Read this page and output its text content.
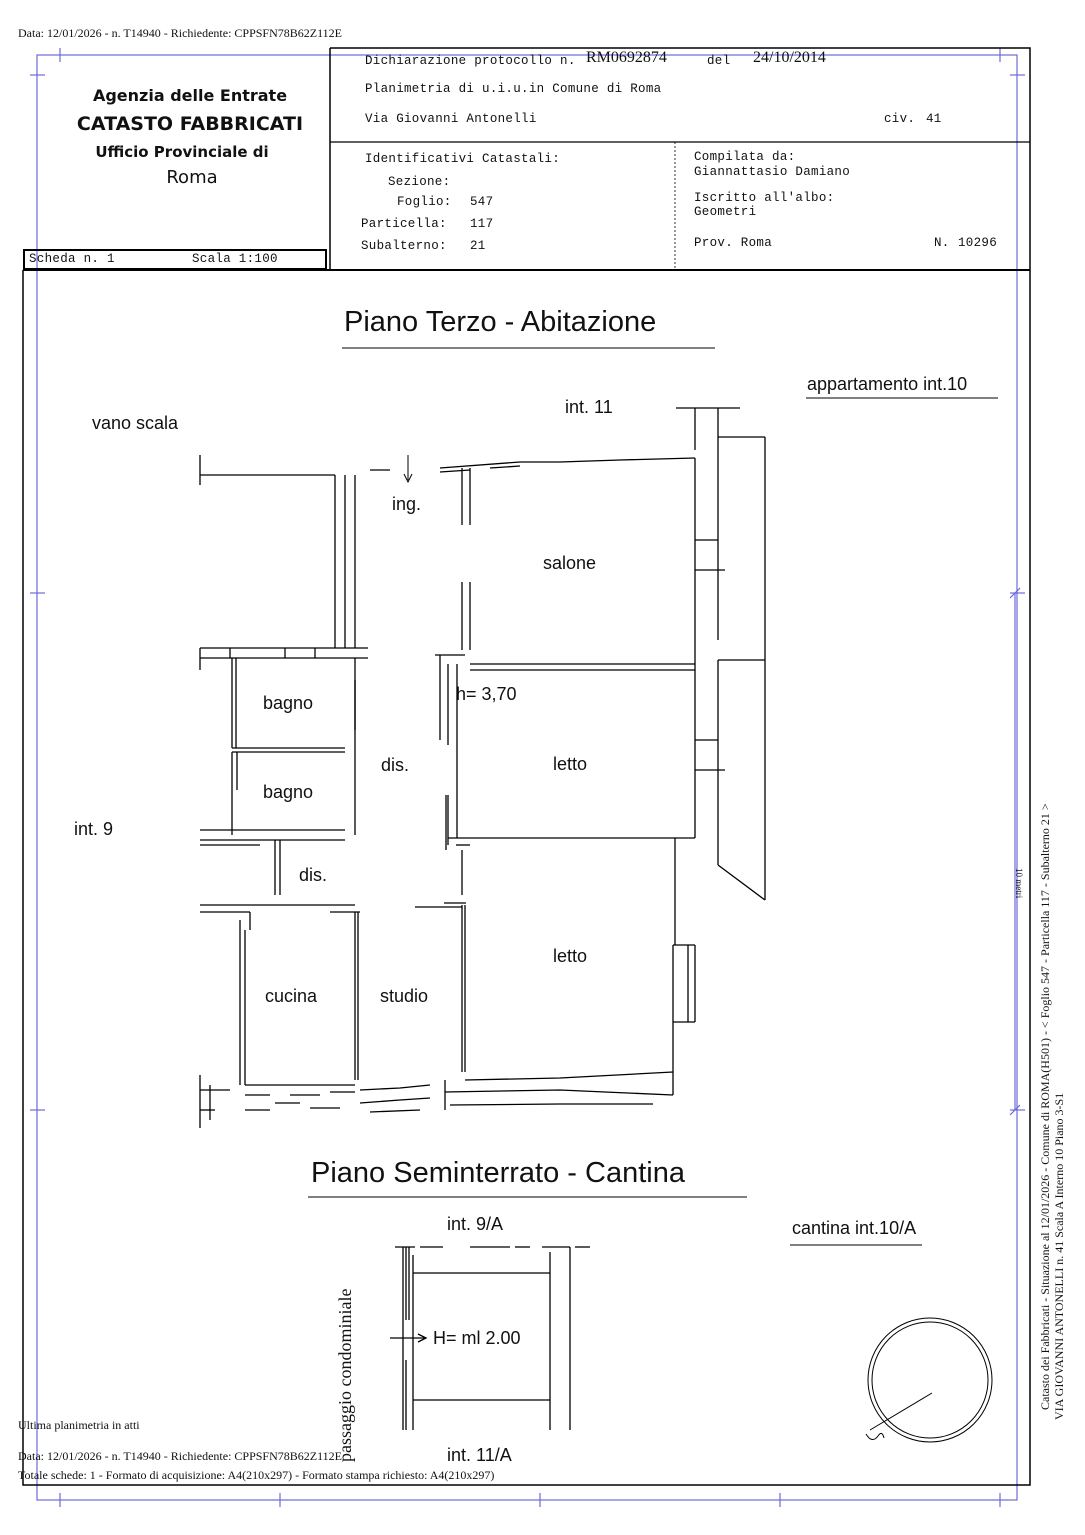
Data: 12/01/2026 - n. T14940 - Richiedente: CPPSFN78B62Z112E
Agenzia delle Entrate
CATASTO FABBRICATI
Ufficio Provinciale di
Roma
Dichiarazione protocollo n. RM0692874	del 24/10/2014
Planimetria di u.i.u.in Comune di Roma
Via Giovanni Antonelli	civ. 41
Identificativi Catastali:
Sezione:
Foglio: 547
Particella: 117
Subalterno: 21
Compilata da:
Giannattasio Damiano
Iscritto all'albo:
Geometri
Prov. Roma	N. 10296
Scheda n. 1	Scala 1:100
Piano Terzo - Abitazione
appartamento int.10
int. 11
vano scala
ing.
salone
h= 3,70
bagno
dis.	letto
bagno
int. 9
dis.
letto
cucina	studio
Piano Seminterrato - Cantina
int. 9/A	cantina int.10/A
H= ml 2.00
int. 11/A
passaggio condominiale
10 metri Catasto dei Fabbricati - Situazione al 12/01/2026 - Comune di ROMA(H501) - < Foglio 547 - Particella 117 - Subalterno 21 > VIA GIOVANNI ANTONELLI n. 41 Scala A Interno 10 Piano 3-S1
Ultima planimetria in atti
Data: 12/01/2026 - n. T14940 - Richiedente: CPPSFN78B62Z112E
Totale schede: 1 - Formato di acquisizione: A4(210x297) - Formato stampa richiesto: A4(210x297)
